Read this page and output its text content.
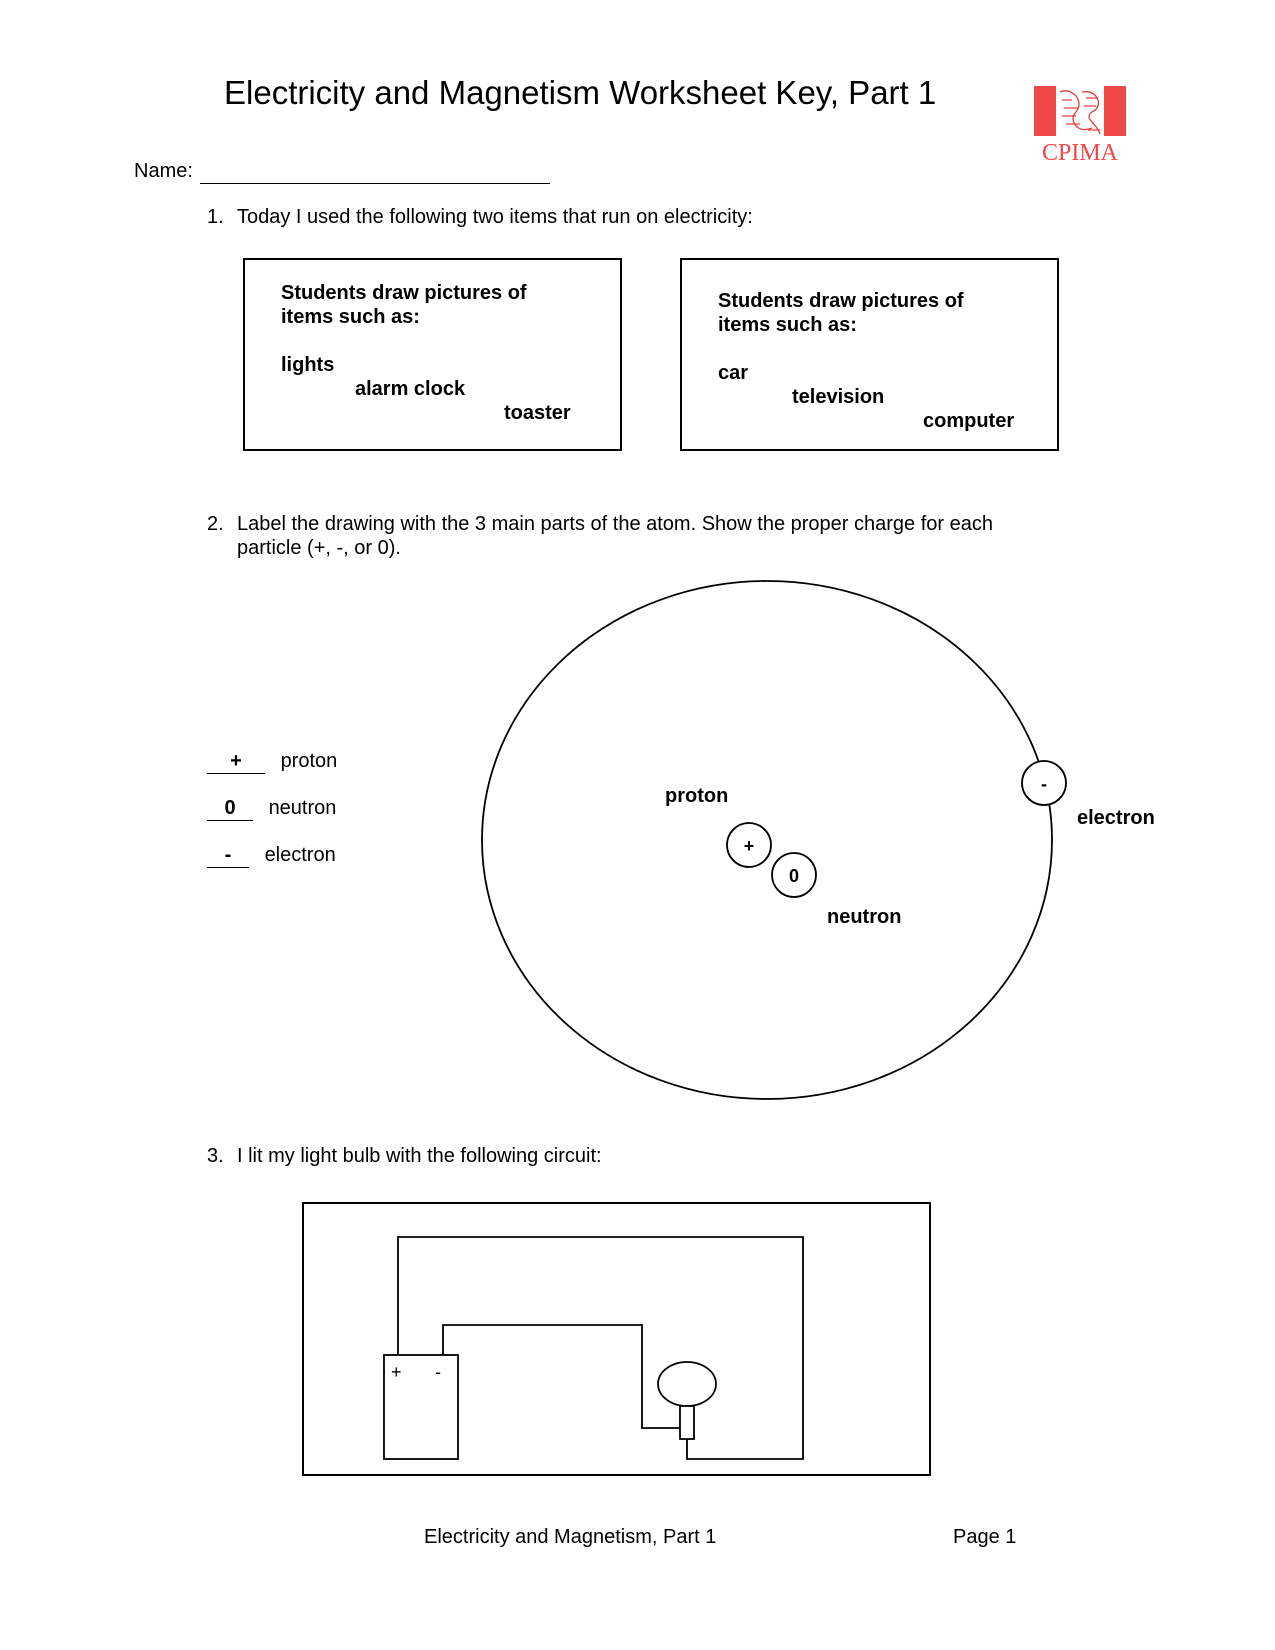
Electricity and Magnetism Worksheet Key, Part 1
CPIMA
Name:
1. Today I used the following two items that run on electricity:
Students draw pictures of
items such as:
lights
alarm clock
toaster
Students draw pictures of
items such as:
car
television
computer
2. Label the drawing with the 3 main parts of the atom. Show the proper charge for each
particle (+, -, or 0).
+ proton
0 neutron
- electron	+
0
-
proton
neutron
electron
3. I lit my light bulb with the following circuit:
+ -
Electricity and Magnetism, Part 1	Page 1
